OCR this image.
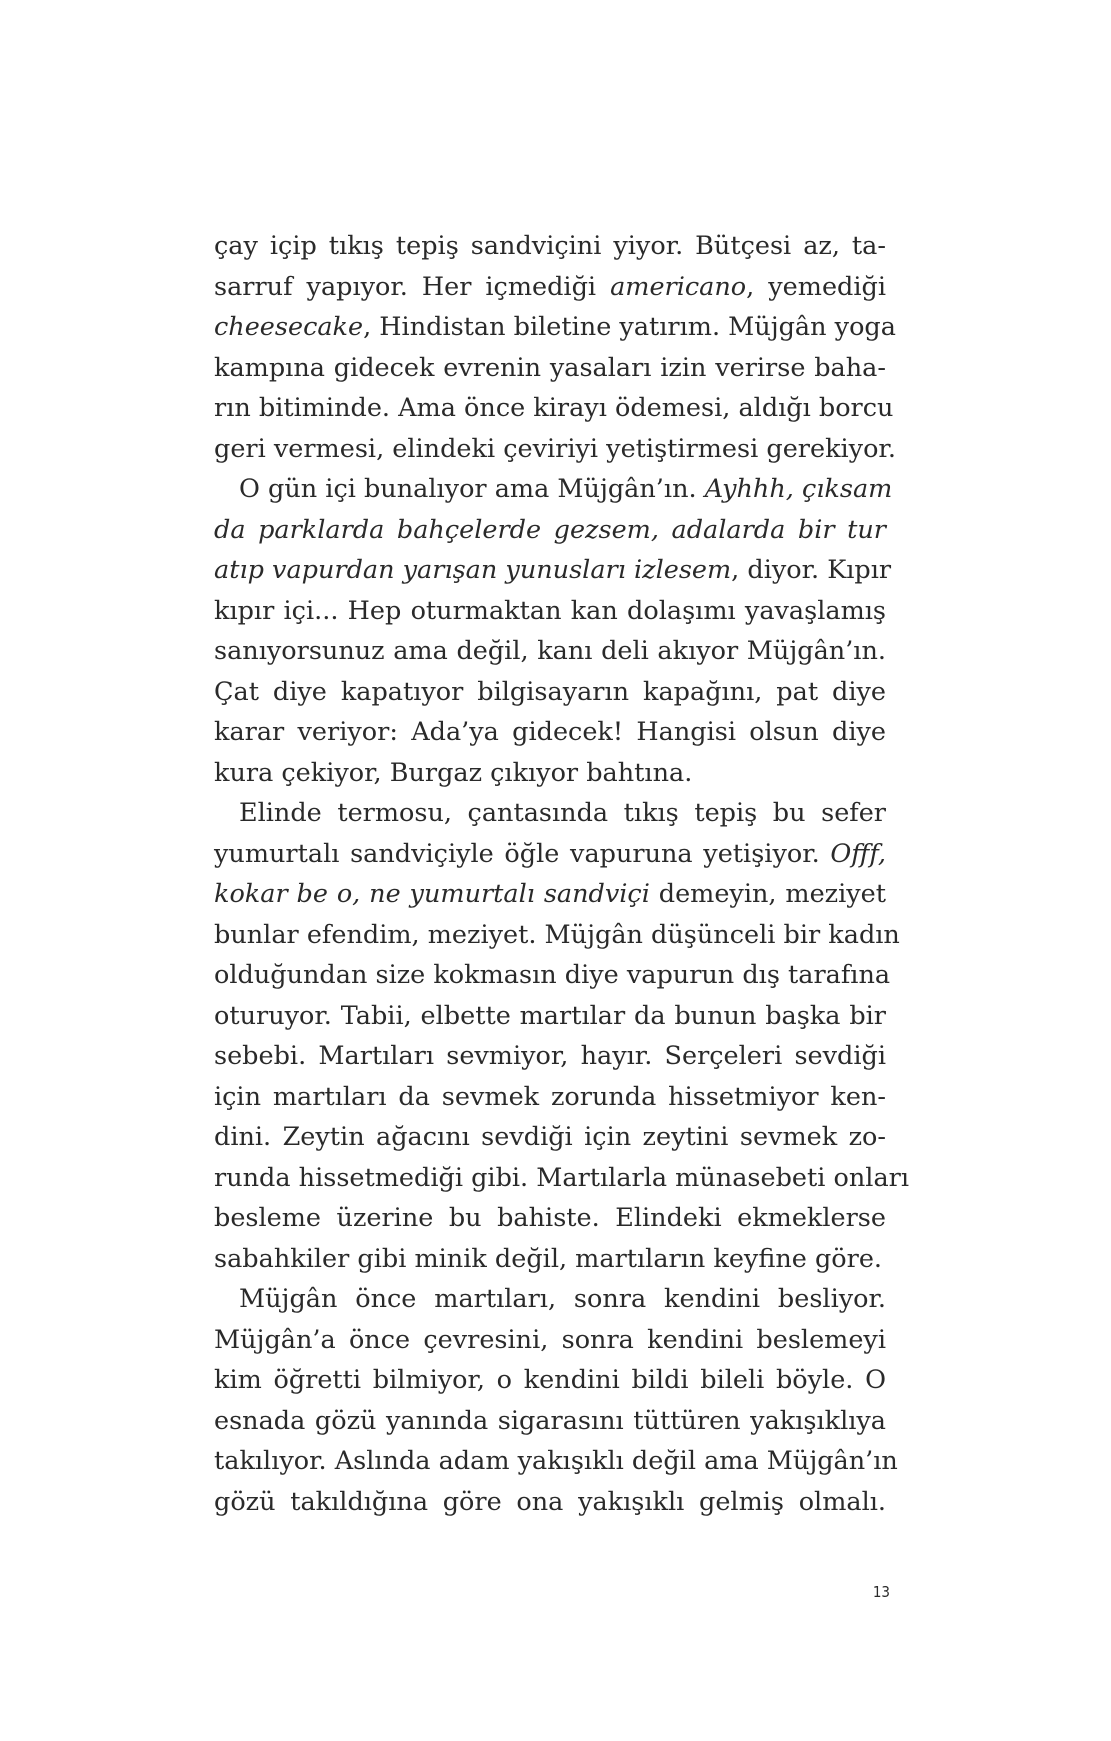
çay içip tıkış tepiş sandviçini yiyor. Bütçesi az, ta-
sarruf yapıyor. Her içmediği americano, yemediği
cheesecake, Hindistan biletine yatırım. Müjgân yoga
kampına gidecek evrenin yasaları izin verirse baha-
rın bitiminde. Ama önce kirayı ödemesi, aldığı borcu
geri vermesi, elindeki çeviriyi yetiştirmesi gerekiyor.
O gün içi bunalıyor ama Müjgân’ın. Ayhhh, çıksam
da parklarda bahçelerde gezsem, adalarda bir tur
atıp vapurdan yarışan yunusları izlesem, diyor. Kıpır
kıpır içi... Hep oturmaktan kan dolaşımı yavaşlamış
sanıyorsunuz ama değil, kanı deli akıyor Müjgân’ın.
Çat diye kapatıyor bilgisayarın kapağını, pat diye
karar veriyor: Ada’ya gidecek! Hangisi olsun diye
kura çekiyor, Burgaz çıkıyor bahtına.
Elinde termosu, çantasında tıkış tepiş bu sefer
yumurtalı sandviçiyle öğle vapuruna yetişiyor. Offf,
kokar be o, ne yumurtalı sandviçi demeyin, meziyet
bunlar efendim, meziyet. Müjgân düşünceli bir kadın
olduğundan size kokmasın diye vapurun dış tarafına
oturuyor. Tabii, elbette martılar da bunun başka bir
sebebi. Martıları sevmiyor, hayır. Serçeleri sevdiği
için martıları da sevmek zorunda hissetmiyor ken-
dini. Zeytin ağacını sevdiği için zeytini sevmek zo-
runda hissetmediği gibi. Martılarla münasebeti onları
besleme üzerine bu bahiste. Elindeki ekmeklerse
sabahkiler gibi minik değil, martıların keyfine göre.
Müjgân önce martıları, sonra kendini besliyor.
Müjgân’a önce çevresini, sonra kendini beslemeyi
kim öğretti bilmiyor, o kendini bildi bileli böyle. O
esnada gözü yanında sigarasını tüttüren yakışıklıya
takılıyor. Aslında adam yakışıklı değil ama Müjgân’ın
gözü takıldığına göre ona yakışıklı gelmiş olmalı.
13
